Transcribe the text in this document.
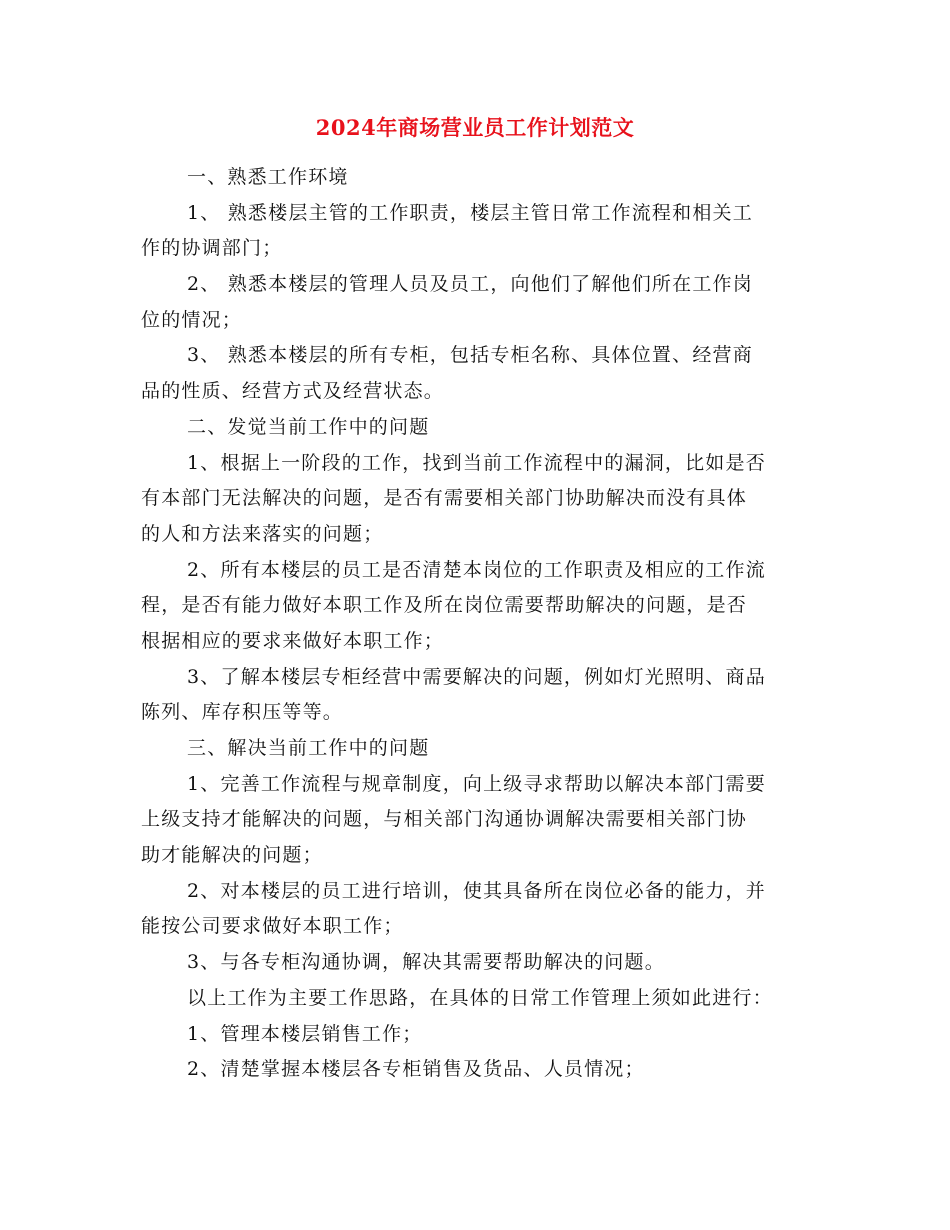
2024年商场营业员工作计划范文
一、熟悉工作环境
1、 熟悉楼层主管的工作职责，楼层主管日常工作流程和相关工
作的协调部门；
2、 熟悉本楼层的管理人员及员工，向他们了解他们所在工作岗
位的情况；
3、 熟悉本楼层的所有专柜，包括专柜名称、具体位置、经营商
品的性质、经营方式及经营状态。
二、发觉当前工作中的问题
1、根据上一阶段的工作，找到当前工作流程中的漏洞，比如是否
有本部门无法解决的问题，是否有需要相关部门协助解决而没有具体
的人和方法来落实的问题；
2、所有本楼层的员工是否清楚本岗位的工作职责及相应的工作流
程，是否有能力做好本职工作及所在岗位需要帮助解决的问题，是否
根据相应的要求来做好本职工作；
3、了解本楼层专柜经营中需要解决的问题，例如灯光照明、商品
陈列、库存积压等等。
三、解决当前工作中的问题
1、完善工作流程与规章制度，向上级寻求帮助以解决本部门需要
上级支持才能解决的问题，与相关部门沟通协调解决需要相关部门协
助才能解决的问题；
2、对本楼层的员工进行培训，使其具备所在岗位必备的能力，并
能按公司要求做好本职工作；
3、与各专柜沟通协调，解决其需要帮助解决的问题。
以上工作为主要工作思路，在具体的日常工作管理上须如此进行：
1、管理本楼层销售工作；
2、清楚掌握本楼层各专柜销售及货品、人员情况；
